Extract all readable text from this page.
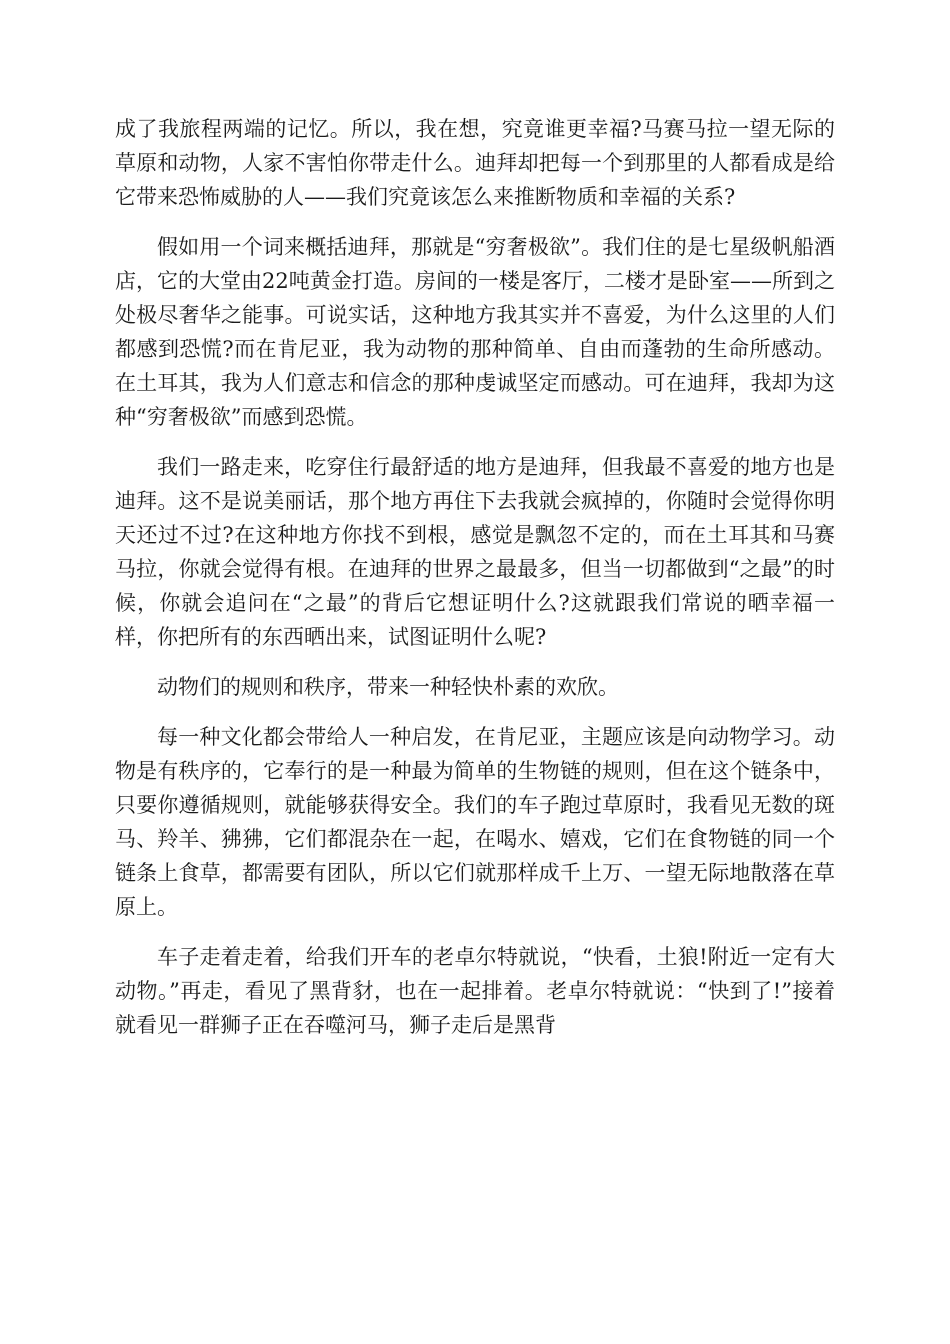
成了我旅程两端的记忆。所以，我在想，究竟谁更幸福?马赛马拉一望无际的草原和动物，人家不害怕你带走什么。迪拜却把每一个到那里的人都看成是给它带来恐怖威胁的人——我们究竟该怎么来推断物质和幸福的关系?

假如用一个词来概括迪拜，那就是“穷奢极欲”。我们住的是七星级帆船酒店，它的大堂由22吨黄金打造。房间的一楼是客厅，二楼才是卧室——所到之处极尽奢华之能事。可说实话，这种地方我其实并不喜爱，为什么这里的人们都感到恐慌?而在肯尼亚，我为动物的那种简单、自由而蓬勃的生命所感动。在土耳其，我为人们意志和信念的那种虔诚坚定而感动。可在迪拜，我却为这种“穷奢极欲”而感到恐慌。

我们一路走来，吃穿住行最舒适的地方是迪拜，但我最不喜爱的地方也是迪拜。这不是说美丽话，那个地方再住下去我就会疯掉的，你随时会觉得你明天还过不过?在这种地方你找不到根，感觉是飘忽不定的，而在土耳其和马赛马拉，你就会觉得有根。在迪拜的世界之最最多，但当一切都做到“之最”的时候，你就会追问在“之最”的背后它想证明什么?这就跟我们常说的晒幸福一样，你把所有的东西晒出来，试图证明什么呢?

动物们的规则和秩序，带来一种轻快朴素的欢欣。

每一种文化都会带给人一种启发，在肯尼亚，主题应该是向动物学习。动物是有秩序的，它奉行的是一种最为简单的生物链的规则，但在这个链条中，只要你遵循规则，就能够获得安全。我们的车子跑过草原时，我看见无数的斑马、羚羊、狒狒，它们都混杂在一起，在喝水、嬉戏，它们在食物链的同一个链条上食草，都需要有团队，所以它们就那样成千上万、一望无际地散落在草原上。

车子走着走着，给我们开车的老卓尔特就说，“快看，土狼!附近一定有大动物。”再走，看见了黑背豺，也在一起排着。老卓尔特就说：“快到了!”接着就看见一群狮子正在吞噬河马，狮子走后是黑背
